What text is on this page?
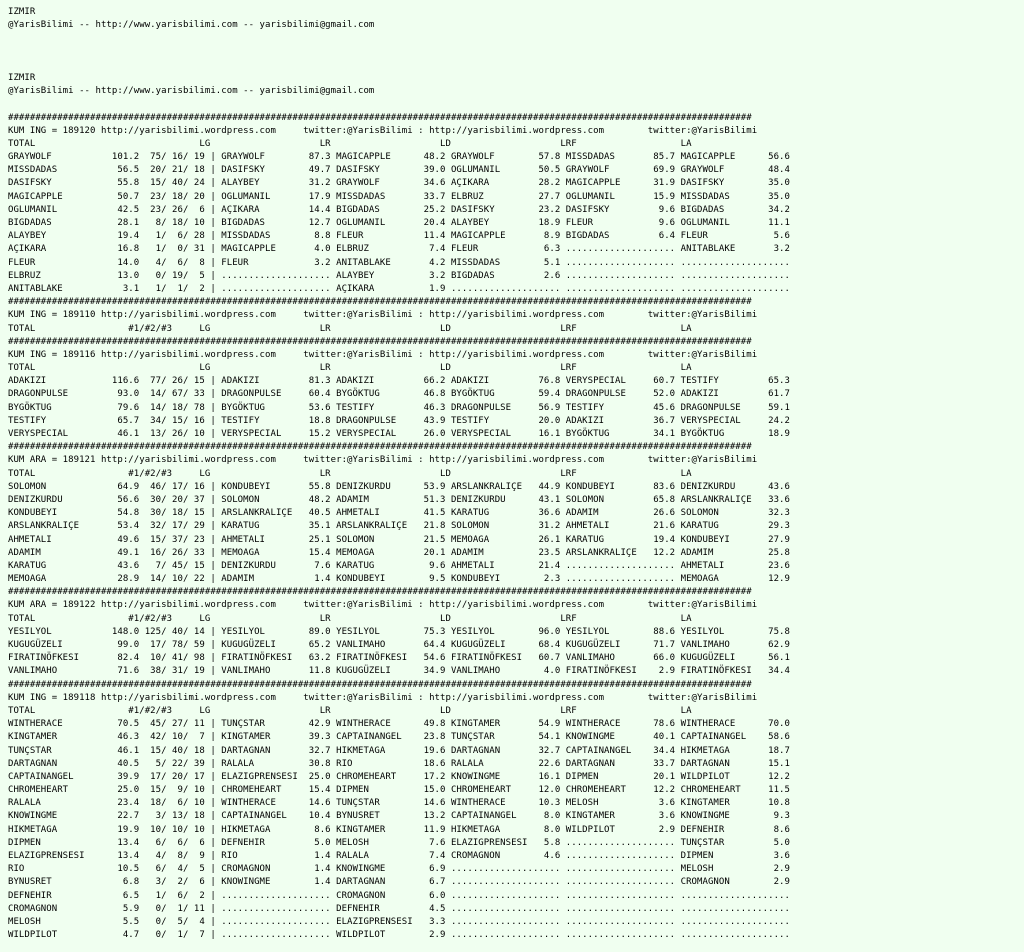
IZMIR
@YarisBilimi -- http://www.yarisbilimi.com -- yarisbilimi@gmail.com
IZMIR
@YarisBilimi -- http://www.yarisbilimi.com -- yarisbilimi@gmail.com
########################################################################################################################################
KUM ING = 189120 http://yarisbilimi.wordpress.com     twitter:@YarisBilimi : http://yarisbilimi.wordpress.com        twitter:@YarisBilimi
TOTAL                              LG                    LR                    LD                    LRF                   LA
GRAYWOLF           101.2  75/ 16/ 19 | GRAYWOLF        87.3 MAGICAPPLE      48.2 GRAYWOLF        57.8 MISSDADAS       85.7 MAGICAPPLE      56.6
MISSDADAS           56.5  20/ 21/ 18 | DASIFSKY        49.7 DASIFSKY        39.0 OGLUMANIL       50.5 GRAYWOLF        69.9 GRAYWOLF        48.4
DASIFSKY            55.8  15/ 40/ 24 | ALAYBEY         31.2 GRAYWOLF        34.6 AÇIKARA         28.2 MAGICAPPLE      31.9 DASIFSKY        35.0
MAGICAPPLE          50.7  23/ 18/ 20 | OGLUMANIL       17.9 MISSDADAS       33.7 ELBRUZ          27.7 OGLUMANIL       15.9 MISSDADAS       35.0
OGLUMANIL           42.5  23/ 26/  6 | AÇIKARA         14.4 BIGDADAS        25.2 DASIFSKY        23.2 DASIFSKY         9.6 BIGDADAS        34.2
BIGDADAS            28.1   8/ 18/ 10 | BIGDADAS        12.7 OGLUMANIL       20.4 ALAYBEY         18.9 FLEUR            9.6 OGLUMANIL       11.1
ALAYBEY             19.4   1/  6/ 28 | MISSDADAS        8.8 FLEUR           11.4 MAGICAPPLE       8.9 BIGDADAS         6.4 FLEUR            5.6
AÇIKARA             16.8   1/  0/ 31 | MAGICAPPLE       4.0 ELBRUZ           7.4 FLEUR            6.3 .................... ANITABLAKE       3.2
FLEUR               14.0   4/  6/  8 | FLEUR            3.2 ANITABLAKE       4.2 MISSDADAS        5.1 .................... ....................
ELBRUZ              13.0   0/ 19/  5 | .................... ALAYBEY          3.2 BIGDADAS         2.6 .................... ....................
ANITABLAKE           3.1   1/  1/  2 | .................... AÇIKARA          1.9 .................... .................... ....................
########################################################################################################################################
KUM ING = 189110 http://yarisbilimi.wordpress.com     twitter:@YarisBilimi : http://yarisbilimi.wordpress.com        twitter:@YarisBilimi
TOTAL                 #1/#2/#3     LG                    LR                    LD                    LRF                   LA
########################################################################################################################################
KUM ING = 189116 http://yarisbilimi.wordpress.com     twitter:@YarisBilimi : http://yarisbilimi.wordpress.com        twitter:@YarisBilimi
TOTAL                              LG                    LR                    LD                    LRF                   LA
ADAKIZI            116.6  77/ 26/ 15 | ADAKIZI         81.3 ADAKIZI         66.2 ADAKIZI         76.8 VERYSPECIAL     60.7 TESTIFY         65.3
DRAGONPULSE         93.0  14/ 67/ 33 | DRAGONPULSE     60.4 BYGÖKTUG        46.8 BYGÖKTUG        59.4 DRAGONPULSE     52.0 ADAKIZI         61.7
BYGÖKTUG            79.6  14/ 18/ 78 | BYGÖKTUG        53.6 TESTIFY         46.3 DRAGONPULSE     56.9 TESTIFY         45.6 DRAGONPULSE     59.1
TESTIFY             65.7  34/ 15/ 16 | TESTIFY         18.8 DRAGONPULSE     43.9 TESTIFY         20.0 ADAKIZI         36.7 VERYSPECIAL     24.2
VERYSPECIAL         46.1  13/ 26/ 10 | VERYSPECIAL     15.2 VERYSPECIAL     26.0 VERYSPECIAL     16.1 BYGÖKTUG        34.1 BYGÖKTUG        18.9
########################################################################################################################################
KUM ARA = 189121 http://yarisbilimi.wordpress.com     twitter:@YarisBilimi : http://yarisbilimi.wordpress.com        twitter:@YarisBilimi
TOTAL                 #1/#2/#3     LG                    LR                    LD                    LRF                   LA
SOLOMON             64.9  46/ 17/ 16 | KONDUBEYI       55.8 DENIZKURDU      53.9 ARSLANKRALIÇE   44.9 KONDUBEYI       83.6 DENIZKURDU      43.6
DENIZKURDU          56.6  30/ 20/ 37 | SOLOMON         48.2 ADAMIM          51.3 DENIZKURDU      43.1 SOLOMON         65.8 ARSLANKRALIÇE   33.6
KONDUBEYI           54.8  30/ 18/ 15 | ARSLANKRALIÇE   40.5 AHMETALI        41.5 KARATUG         36.6 ADAMIM          26.6 SOLOMON         32.3
ARSLANKRALIÇE       53.4  32/ 17/ 29 | KARATUG         35.1 ARSLANKRALIÇE   21.8 SOLOMON         31.2 AHMETALI        21.6 KARATUG         29.3
AHMETALI            49.6  15/ 37/ 23 | AHMETALI        25.1 SOLOMON         21.5 MEMOAGA         26.1 KARATUG         19.4 KONDUBEYI       27.9
ADAMIM              49.1  16/ 26/ 33 | MEMOAGA         15.4 MEMOAGA         20.1 ADAMIM          23.5 ARSLANKRALIÇE   12.2 ADAMIM          25.8
KARATUG             43.6   7/ 45/ 15 | DENIZKURDU       7.6 KARATUG          9.6 AHMETALI        21.4 .................... AHMETALI        23.6
MEMOAGA             28.9  14/ 10/ 22 | ADAMIM           1.4 KONDUBEYI        9.5 KONDUBEYI        2.3 .................... MEMOAGA         12.9
########################################################################################################################################
KUM ARA = 189122 http://yarisbilimi.wordpress.com     twitter:@YarisBilimi : http://yarisbilimi.wordpress.com        twitter:@YarisBilimi
TOTAL                 #1/#2/#3     LG                    LR                    LD                    LRF                   LA
YESILYOL           148.0 125/ 40/ 14 | YESILYOL        89.0 YESILYOL        75.3 YESILYOL        96.0 YESILYOL        88.6 YESILYOL        75.8
KUGUGÜZELI          99.0  17/ 78/ 59 | KUGUGÜZELI      65.2 VANLIMAHO       64.4 KUGUGÜZELI      68.4 KUGUGÜZELI      71.7 VANLIMAHO       62.9
FIRATINÖFKESI       82.4  10/ 41/ 98 | FIRATINÖFKESI   63.2 FIRATINÖFKESI   54.6 FIRATINÖFKESI   60.7 VANLIMAHO       66.0 KUGUGÜZELI      56.1
VANLIMAHO           71.6  38/ 31/ 19 | VANLIMAHO       11.8 KUGUGÜZELI      34.9 VANLIMAHO        4.0 FIRATINÖFKESI    2.9 FIRATINÖFKESI   34.4
########################################################################################################################################
KUM ING = 189118 http://yarisbilimi.wordpress.com     twitter:@YarisBilimi : http://yarisbilimi.wordpress.com        twitter:@YarisBilimi
TOTAL                 #1/#2/#3     LG                    LR                    LD                    LRF                   LA
WINTHERACE          70.5  45/ 27/ 11 | TUNÇSTAR        42.9 WINTHERACE      49.8 KINGTAMER       54.9 WINTHERACE      78.6 WINTHERACE      70.0
KINGTAMER           46.3  42/ 10/  7 | KINGTAMER       39.3 CAPTAINANGEL    23.8 TUNÇSTAR        54.1 KNOWINGME       40.1 CAPTAINANGEL    58.6
TUNÇSTAR            46.1  15/ 40/ 18 | DARTAGNAN       32.7 HIKMETAGA       19.6 DARTAGNAN       32.7 CAPTAINANGEL    34.4 HIKMETAGA       18.7
DARTAGNAN           40.5   5/ 22/ 39 | RALALA          30.8 RIO             18.6 RALALA          22.6 DARTAGNAN       33.7 DARTAGNAN       15.1
CAPTAINANGEL        39.9  17/ 20/ 17 | ELAZIGPRENSESI  25.0 CHROMEHEART     17.2 KNOWINGME       16.1 DIPMEN          20.1 WILDPILOT       12.2
CHROMEHEART         25.0  15/  9/ 10 | CHROMEHEART     15.4 DIPMEN          15.0 CHROMEHEART     12.0 CHROMEHEART     12.2 CHROMEHEART     11.5
RALALA              23.4  18/  6/ 10 | WINTHERACE      14.6 TUNÇSTAR        14.6 WINTHERACE      10.3 MELOSH           3.6 KINGTAMER       10.8
KNOWINGME           22.7   3/ 13/ 18 | CAPTAINANGEL    10.4 BYNUSRET        13.2 CAPTAINANGEL     8.0 KINGTAMER        3.6 KNOWINGME        9.3
HIKMETAGA           19.9  10/ 10/ 10 | HIKMETAGA        8.6 KINGTAMER       11.9 HIKMETAGA        8.0 WILDPILOT        2.9 DEFNEHIR         8.6
DIPMEN              13.4   6/  6/  6 | DEFNEHIR         5.0 MELOSH           7.6 ELAZIGPRENSESI   5.8 .................... TUNÇSTAR         5.0
ELAZIGPRENSESI      13.4   4/  8/  9 | RIO              1.4 RALALA           7.4 CROMAGNON        4.6 .................... DIPMEN           3.6
RIO                 10.5   6/  4/  5 | CROMAGNON        1.4 KNOWINGME        6.9 .................... .................... MELOSH           2.9
BYNUSRET             6.8   3/  2/  6 | KNOWINGME        1.4 DARTAGNAN        6.7 .................... .................... CROMAGNON        2.9
DEFNEHIR             6.5   1/  6/  2 | .................... CROMAGNON        6.0 .................... .................... ....................
CROMAGNON            5.9   0/  1/ 11 | .................... DEFNEHIR         4.5 .................... .................... ....................
MELOSH               5.5   0/  5/  4 | .................... ELAZIGPRENSESI   3.3 .................... .................... ....................
WILDPILOT            4.7   0/  1/  7 | .................... WILDPILOT        2.9 .................... .................... ....................
